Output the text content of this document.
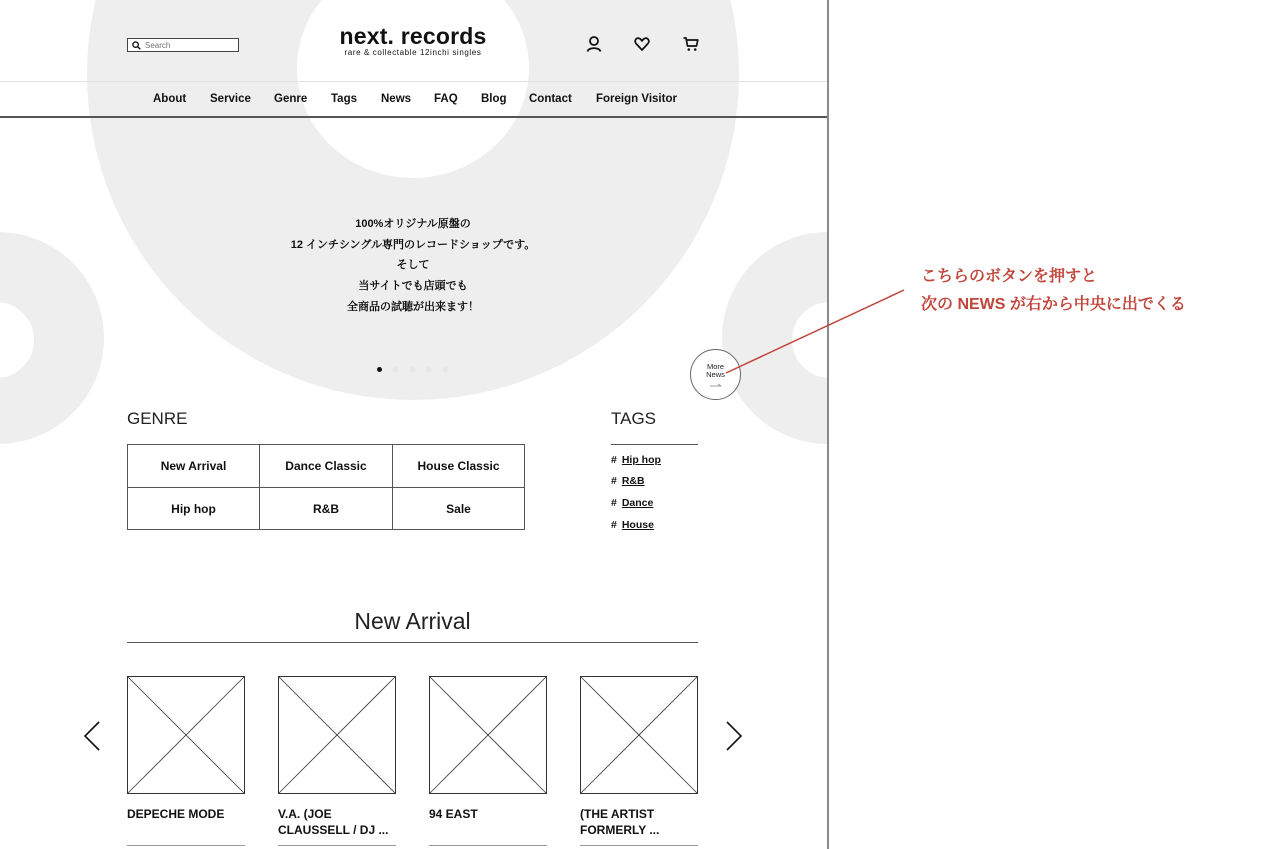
Search
next. records
rare & collectable 12inchi singles
About Service Genre Tags News FAQ Blog Contact Foreign Visitor
100%オリジナル原盤の
12 インチシングル専門のレコードショップです。
そして
当サイトでも店頭でも
全商品の試聴が出来ます！
More
News
GENRE
New Arrival	Dance Classic	House Classic
Hip hop	R&B	Sale
TAGS
# Hip hop
# R&B
# Dance
# House
New Arrival
DEPECHE MODE	V.A. (JOE
CLAUSSELL / DJ ...
94 EAST	(THE ARTIST
FORMERLY ...
こちらのボタンを押すと
次の NEWS が右から中央に出でくる
